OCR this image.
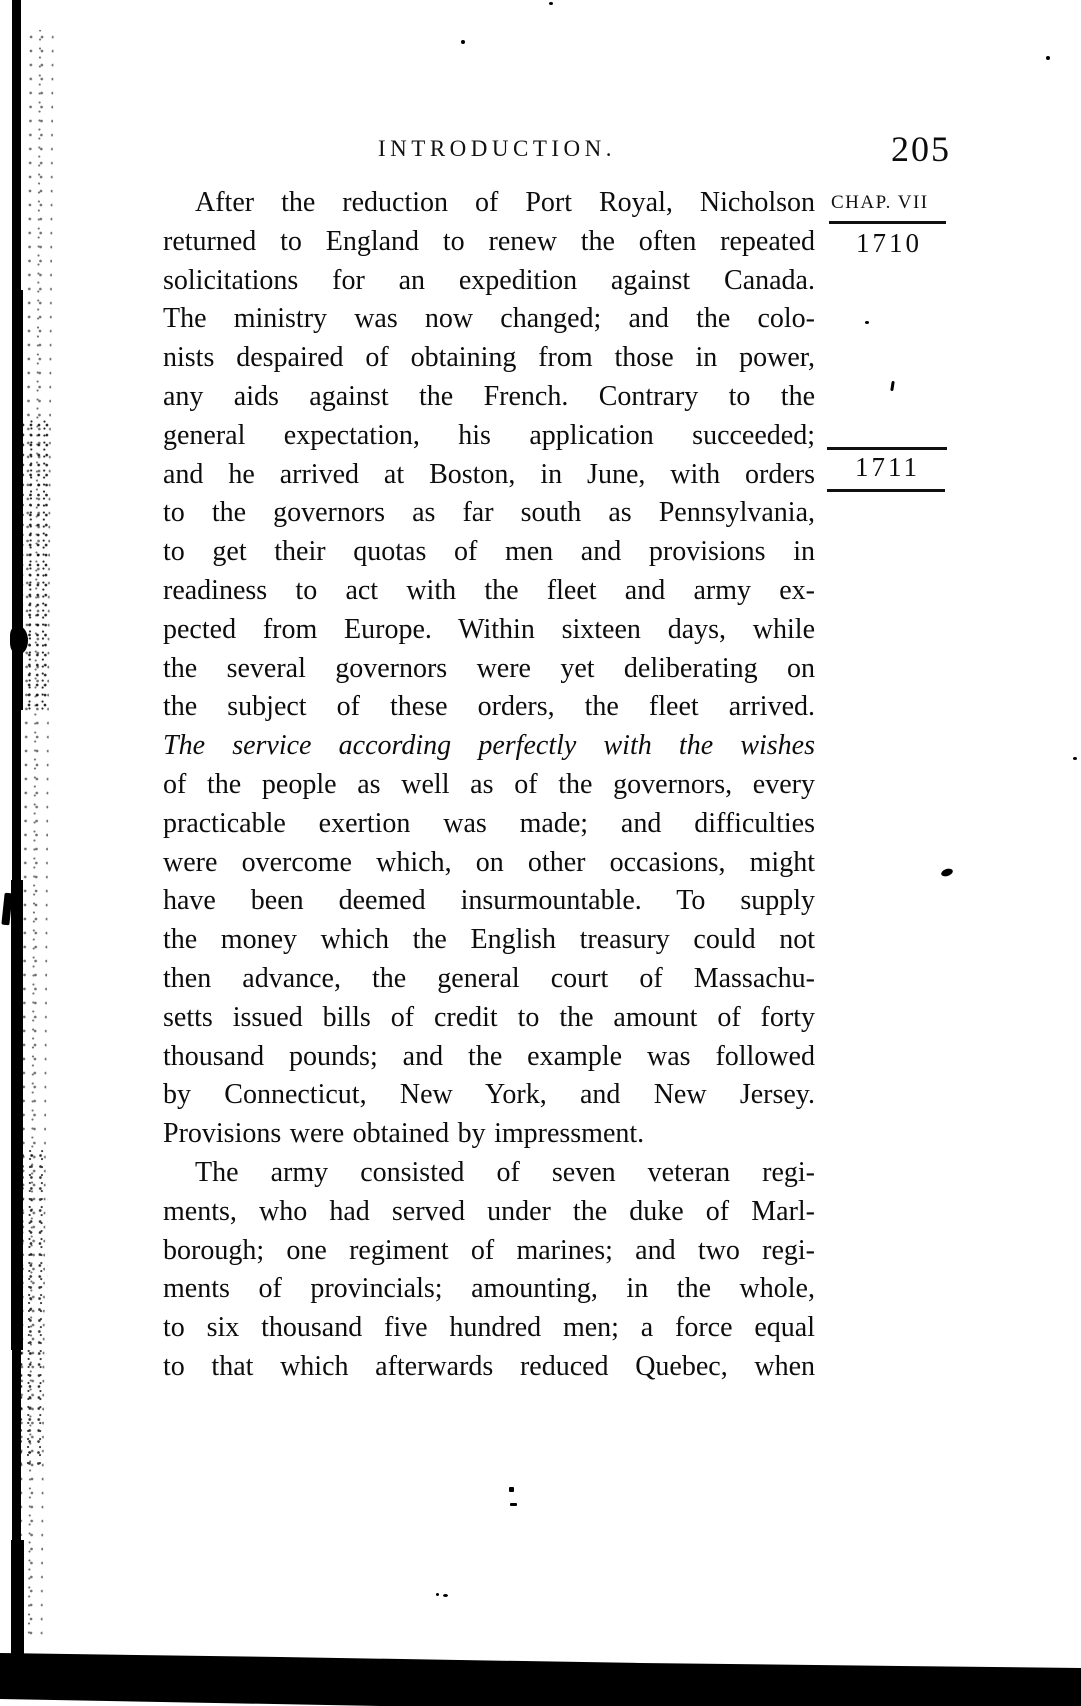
INTRODUCTION.	205
After the reduction of Port Royal, Nicholson
returned to England to renew the often repeated
solicitations for an expedition against Canada.
The ministry was now changed; and the colo-
nists despaired of obtaining from those in power,
any aids against the French. Contrary to the
general expectation, his application succeeded;
and he arrived at Boston, in June, with orders
to the governors as far south as Pennsylvania,
to get their quotas of men and provisions in
readiness to act with the fleet and army ex-
pected from Europe. Within sixteen days, while
the several governors were yet deliberating on
the subject of these orders, the fleet arrived.
The service according perfectly with the wishes
of the people as well as of the governors, every
practicable exertion was made; and difficulties
were overcome which, on other occasions, might
have been deemed insurmountable. To supply
the money which the English treasury could not
then advance, the general court of Massachu-
setts issued bills of credit to the amount of forty
thousand pounds; and the example was followed
by Connecticut, New York, and New Jersey.
Provisions were obtained by impressment.
The army consisted of seven veteran regi-
ments, who had served under the duke of Marl-
borough; one regiment of marines; and two regi-
ments of provincials; amounting, in the whole,
to six thousand five hundred men; a force equal
to that which afterwards reduced Quebec, when
CHAP. VII
1710
1711
